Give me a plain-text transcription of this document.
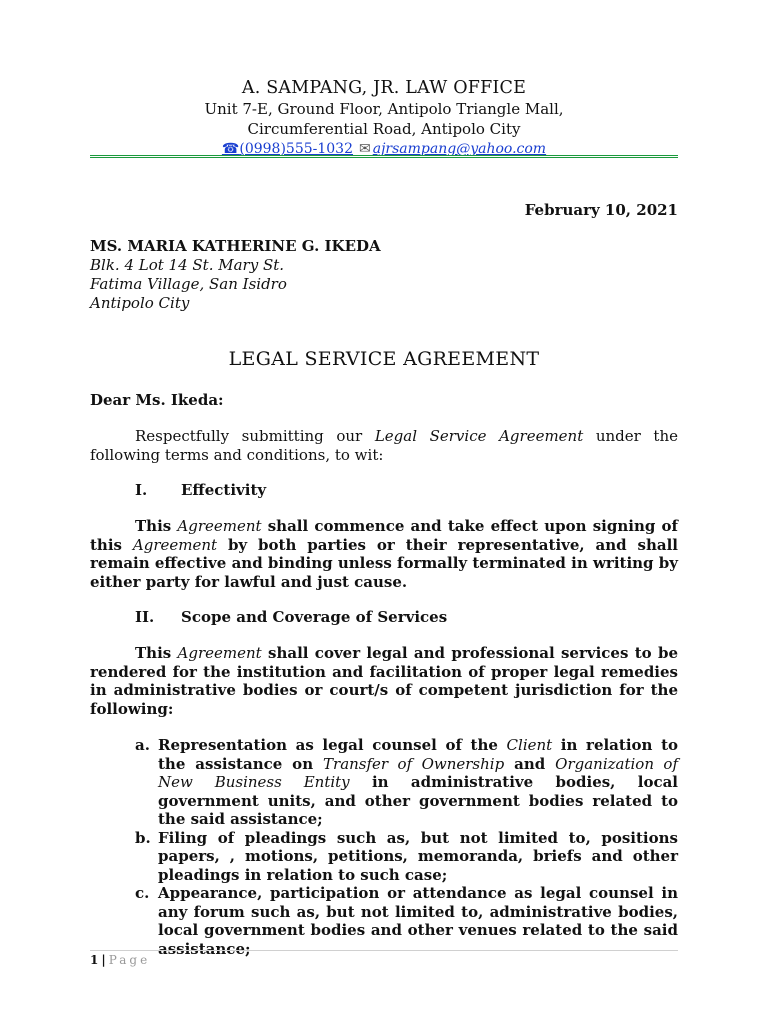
A. SAMPANG, JR. LAW OFFICE
Unit 7-E, Ground Floor, Antipolo Triangle Mall,
Circumferential Road, Antipolo City
☎(0998)555-1032 ✉ ajrsampang@yahoo.com
February 10, 2021
MS. MARIA KATHERINE G. IKEDA
Blk. 4 Lot 14 St. Mary St.
Fatima Village, San Isidro
Antipolo City
LEGAL SERVICE AGREEMENT
Dear Ms. Ikeda:
Respectfully submitting our Legal Service Agreement under the following terms and conditions, to wit:
I. Effectivity
This Agreement shall commence and take effect upon signing of this Agreement by both parties or their representative, and shall remain effective and binding unless formally terminated in writing by either party for lawful and just cause.
II. Scope and Coverage of Services
This Agreement shall cover legal and professional services to be rendered for the institution and facilitation of proper legal remedies in administrative bodies or court/s of competent jurisdiction for the following:
a. Representation as legal counsel of the Client in relation to the assistance on Transfer of Ownership and Organization of New Business Entity in administrative bodies, local government units, and other government bodies related to the said assistance;
b. Filing of pleadings such as, but not limited to, positions papers, , motions, petitions, memoranda, briefs and other pleadings in relation to such case;
c. Appearance, participation or attendance as legal counsel in any forum such as, but not limited to, administrative bodies, local government bodies and other venues related to the said assistance;
1 | Page
